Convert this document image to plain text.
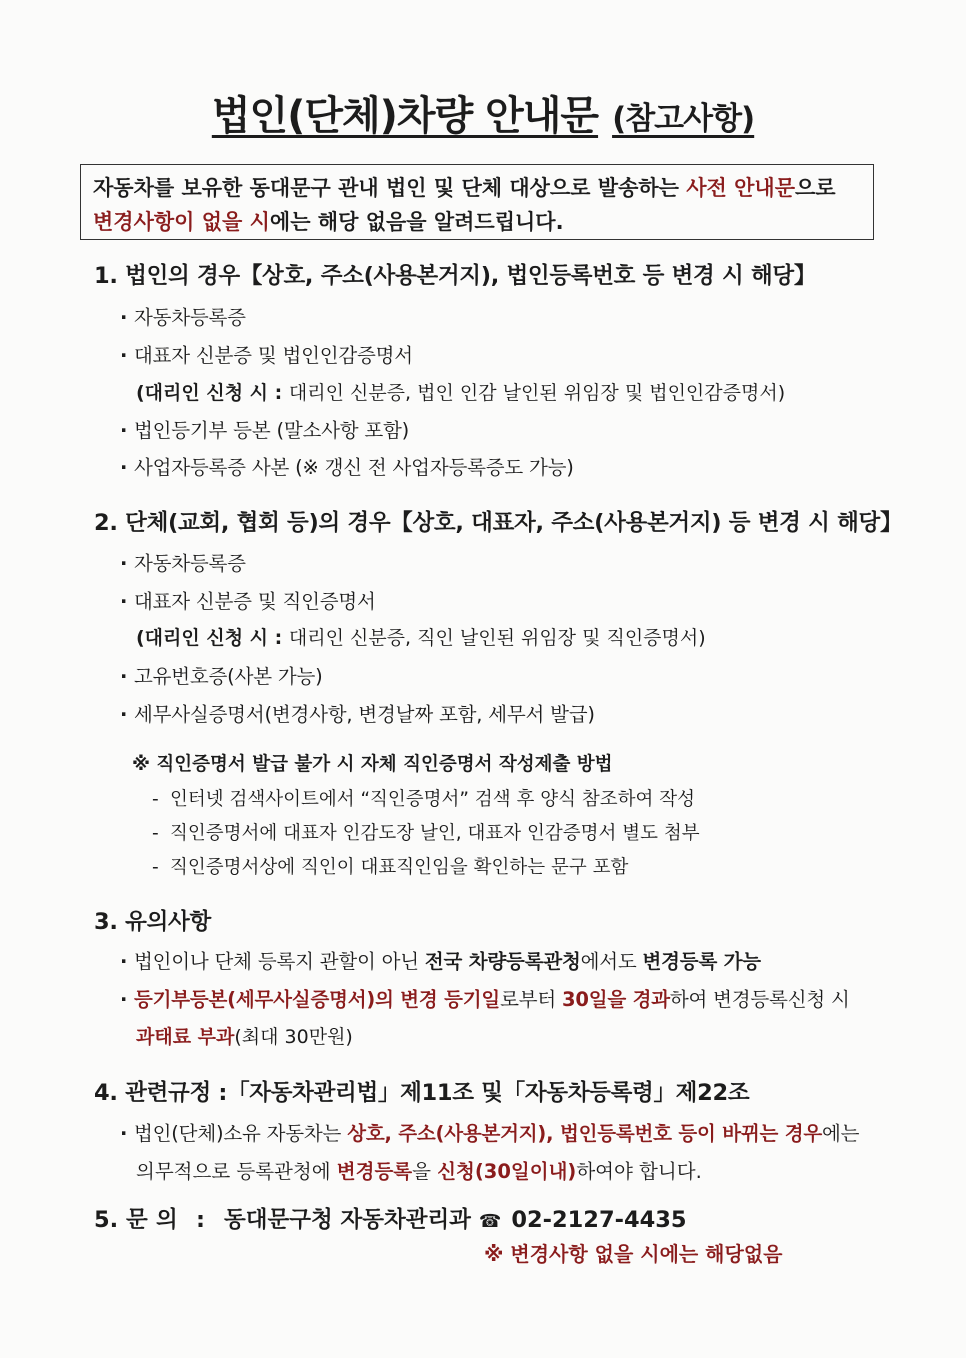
법인(단체)차량 안내문 (참고사항)
자동차를 보유한 동대문구 관내 법인 및 단체 대상으로 발송하는 사전 안내문으로
변경사항이 없을 시에는 해당 없음을 알려드립니다.
1. 법인의 경우【상호, 주소(사용본거지), 법인등록번호 등 변경 시 해당】
· 자동차등록증
· 대표자 신분증 및 법인인감증명서
(대리인 신청 시 : 대리인 신분증, 법인 인감 날인된 위임장 및 법인인감증명서)
· 법인등기부 등본 (말소사항 포함)
· 사업자등록증 사본 (※ 갱신 전 사업자등록증도 가능)
2. 단체(교회, 협회 등)의 경우【상호, 대표자, 주소(사용본거지) 등 변경 시 해당】
· 자동차등록증
· 대표자 신분증 및 직인증명서
(대리인 신청 시 : 대리인 신분증, 직인 날인된 위임장 및 직인증명서)
· 고유번호증(사본 가능)
· 세무사실증명서(변경사항, 변경날짜 포함, 세무서 발급)
※ 직인증명서 발급 불가 시 자체 직인증명서 작성제출 방법
- 인터넷 검색사이트에서 “직인증명서” 검색 후 양식 참조하여 작성
- 직인증명서에 대표자 인감도장 날인, 대표자 인감증명서 별도 첨부
- 직인증명서상에 직인이 대표직인임을 확인하는 문구 포함
3. 유의사항
· 법인이나 단체 등록지 관할이 아닌 전국 차량등록관청에서도 변경등록 가능
· 등기부등본(세무사실증명서)의 변경 등기일로부터 30일을 경과하여 변경등록신청 시
과태료 부과(최대 30만원)
4. 관련규정 :「자동차관리법」제11조 및「자동차등록령」제22조
· 법인(단체)소유 자동차는 상호, 주소(사용본거지), 법인등록번호 등이 바뀌는 경우에는
의무적으로 등록관청에 변경등록을 신청(30일이내)하여야 합니다.
5. 문 의 : 동대문구청 자동차관리과 ☎ 02-2127-4435
※ 변경사항 없을 시에는 해당없음
